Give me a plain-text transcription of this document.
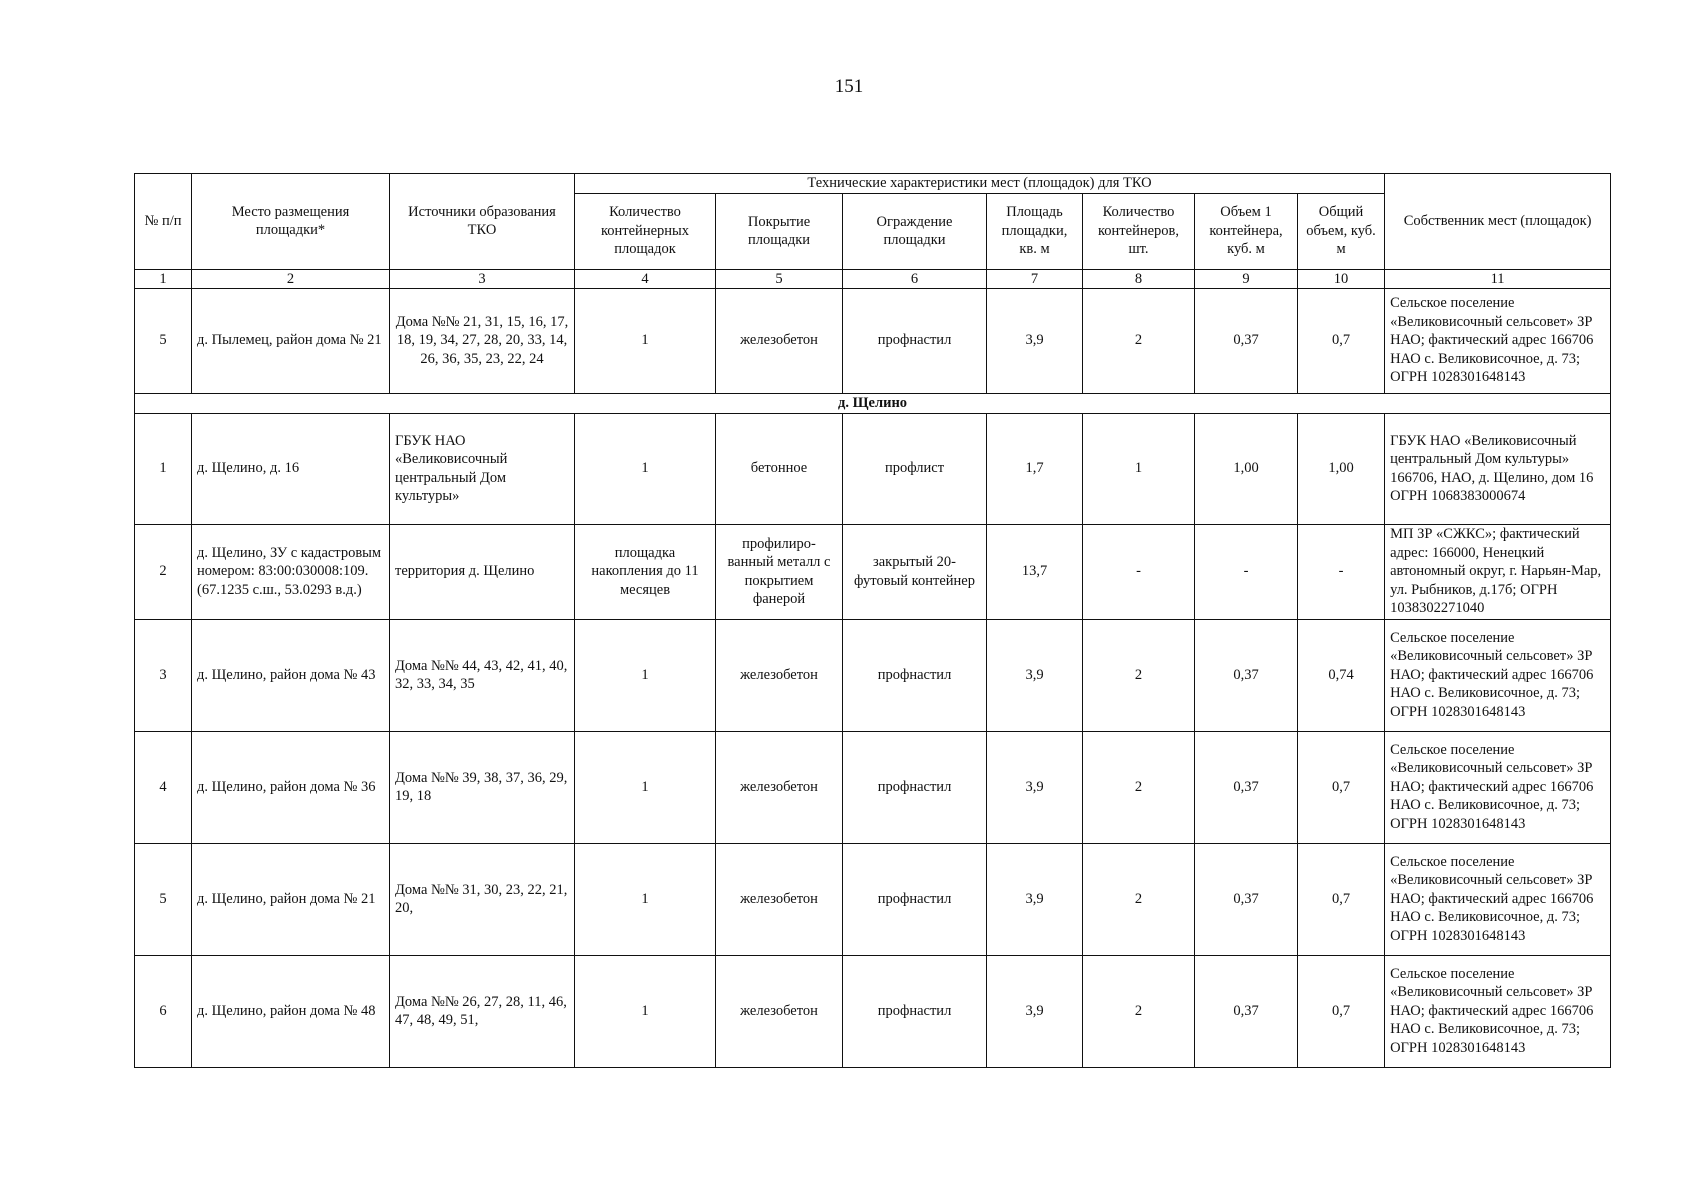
151
№ п/п	Место размещения площадки*	Источники образования ТКО	Технические характеристики мест (площадок) для ТКО							Собственник мест (площадок)
			Количество контейнерных площадок	Покрытие площадки	Ограждение площадки	Площадь площадки, кв. м	Количество контейнеров, шт.	Объем 1 контейнера, куб. м	Общий объем, куб. м	
1	2	3	4	5	6	7	8	9	10	11
5	д. Пылемец, район дома № 21	Дома №№ 21, 31, 15, 16, 17, 18, 19, 34, 27, 28, 20, 33, 14, 26, 36, 35, 23, 22, 24	1	железобетон	профнастил	3,9	2	0,37	0,7	Сельское поселение «Великовисочный сельсовет» ЗР НАО; фактический адрес 166706 НАО с. Великовисочное, д. 73; ОГРН 1028301648143
д. Щелино										
1	д. Щелино, д. 16	ГБУК НАО «Великовисочный центральный Дом культуры»	1	бетонное	профлист	1,7	1	1,00	1,00	ГБУК НАО «Великовисочный центральный Дом культуры» 166706, НАО, д. Щелино, дом 16 ОГРН 1068383000674
2	д. Щелино, ЗУ с кадастровым номером: 83:00:030008:109. (67.1235 с.ш., 53.0293 в.д.)	территория д. Щелино	площадка накопления до 11 месяцев	профилиро-ванный металл с покрытием фанерой	закрытый 20-футовый контейнер	13,7	-	-	-	МП ЗР «СЖКС»; фактический адрес: 166000, Ненецкий автономный округ, г. Нарьян-Мар, ул. Рыбников, д.17б; ОГРН 1038302271040
3	д. Щелино, район дома № 43	Дома №№ 44, 43, 42, 41, 40, 32, 33, 34, 35	1	железобетон	профнастил	3,9	2	0,37	0,74	Сельское поселение «Великовисочный сельсовет» ЗР НАО; фактический адрес 166706 НАО с. Великовисочное, д. 73; ОГРН 1028301648143
4	д. Щелино, район дома № 36	Дома №№ 39, 38, 37, 36, 29, 19, 18	1	железобетон	профнастил	3,9	2	0,37	0,7	Сельское поселение «Великовисочный сельсовет» ЗР НАО; фактический адрес 166706 НАО с. Великовисочное, д. 73; ОГРН 1028301648143
5	д. Щелино, район дома № 21	Дома №№ 31, 30, 23, 22, 21, 20,	1	железобетон	профнастил	3,9	2	0,37	0,7	Сельское поселение «Великовисочный сельсовет» ЗР НАО; фактический адрес 166706 НАО с. Великовисочное, д. 73; ОГРН 1028301648143
6	д. Щелино, район дома № 48	Дома №№ 26, 27, 28, 11, 46, 47, 48, 49, 51,	1	железобетон	профнастил	3,9	2	0,37	0,7	Сельское поселение «Великовисочный сельсовет» ЗР НАО; фактический адрес 166706 НАО с. Великовисочное, д. 73; ОГРН 1028301648143
